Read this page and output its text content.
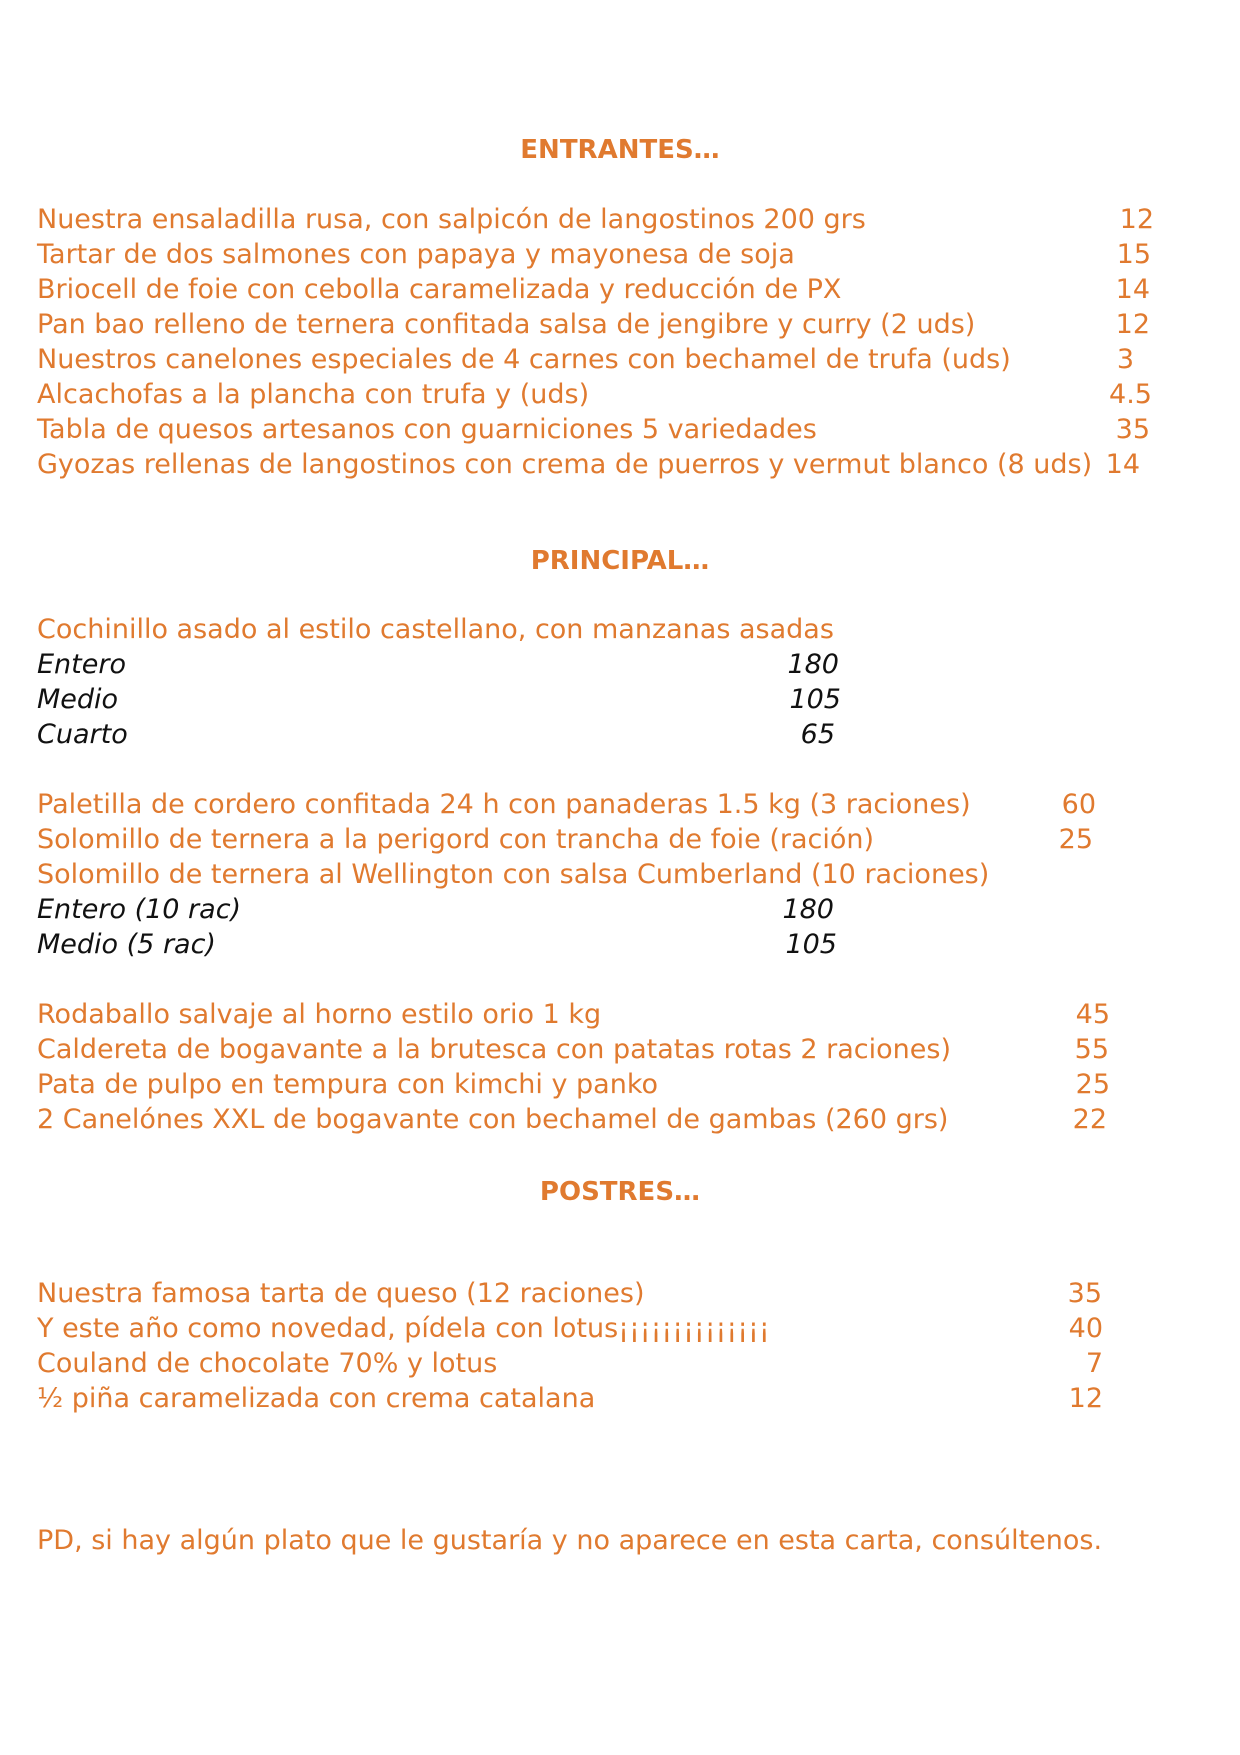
ENTRANTES…
Nuestra ensaladilla rusa, con salpicón de langostinos 200 grs	12
Tartar de dos salmones con papaya y mayonesa de soja	15
Briocell de foie con cebolla caramelizada y reducción de PX	14
Pan bao relleno de ternera confitada salsa de jengibre y curry (2 uds)	12
Nuestros canelones especiales de 4 carnes con bechamel de trufa (uds)	3
Alcachofas a la plancha con trufa y (uds)	4.5
Tabla de quesos artesanos con guarniciones 5 variedades	35
Gyozas rellenas de langostinos con crema de puerros y vermut blanco (8 uds) 14
PRINCIPAL…
Cochinillo asado al estilo castellano, con manzanas asadas
Entero	180
Medio	105
Cuarto	65
Paletilla de cordero confitada 24 h con panaderas 1.5 kg (3 raciones)	60
Solomillo de ternera a la perigord con trancha de foie (ración)	25
Solomillo de ternera al Wellington con salsa Cumberland (10 raciones)
Entero (10 rac)	180
Medio (5 rac)	105
Rodaballo salvaje al horno estilo orio 1 kg	45
Caldereta de bogavante a la brutesca con patatas rotas 2 raciones)	55
Pata de pulpo en tempura con kimchi y panko	25
2 Canelónes XXL de bogavante con bechamel de gambas (260 grs)	22
POSTRES…
Nuestra famosa tarta de queso (12 raciones)	35
Y este año como novedad, pídela con lotus¡¡¡¡¡¡¡¡¡¡¡¡¡¡	40
Couland de chocolate 70% y lotus	7
½ piña caramelizada con crema catalana	12
PD, si hay algún plato que le gustaría y no aparece en esta carta, consúltenos.
